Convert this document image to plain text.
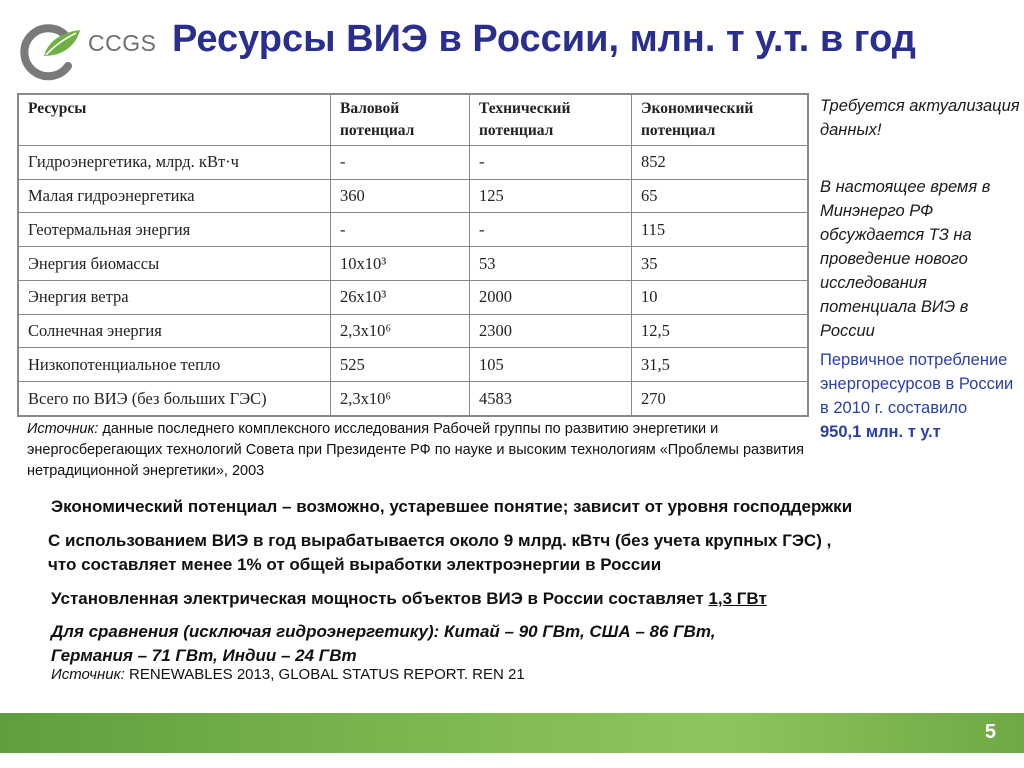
CCGS Ресурсы ВИЭ в России, млн. т у.т. в год
Ресурсы	Валовой потенциал	Технический потенциал	Экономический потенциал
Гидроэнергетика, млрд. кВт·ч	-	-	852
Малая гидроэнергетика	360	125	65
Геотермальная энергия	-	-	115
Энергия биомассы	10x10³	53	35
Энергия ветра	26x10³	2000	10
Солнечная энергия	2,3x10⁶	2300	12,5
Низкопотенциальное тепло	525	105	31,5
Всего по ВИЭ (без больших ГЭС)	2,3x10⁶	4583	270
Требуется актуализация данных!
В настоящее время в Минэнерго РФ обсуждается ТЗ на проведение нового исследования потенциала ВИЭ в России
Первичное потребление энергоресурсов в России в 2010 г. составило
950,1 млн. т у.т
Источник: данные последнего комплексного исследования Рабочей группы по развитию энергетики и энергосберегающих технологий Совета при Президенте РФ по науке и высоким технологиям «Проблемы развития нетрадиционной энергетики», 2003
Экономический потенциал – возможно, устаревшее понятие; зависит от уровня господдержки
С использованием ВИЭ в год вырабатывается около 9 млрд. кВтч (без учета крупных ГЭС) ,
что составляет менее 1% от общей выработки электроэнергии в России
Установленная электрическая мощность объектов ВИЭ в России составляет 1,3 ГВт
Для сравнения (исключая гидроэнергетику): Китай – 90 ГВт, США – 86 ГВт,
Германия – 71 ГВт, Индии – 24 ГВт
Источник: RENEWABLES 2013, GLOBAL STATUS REPORT. REN 21
5
